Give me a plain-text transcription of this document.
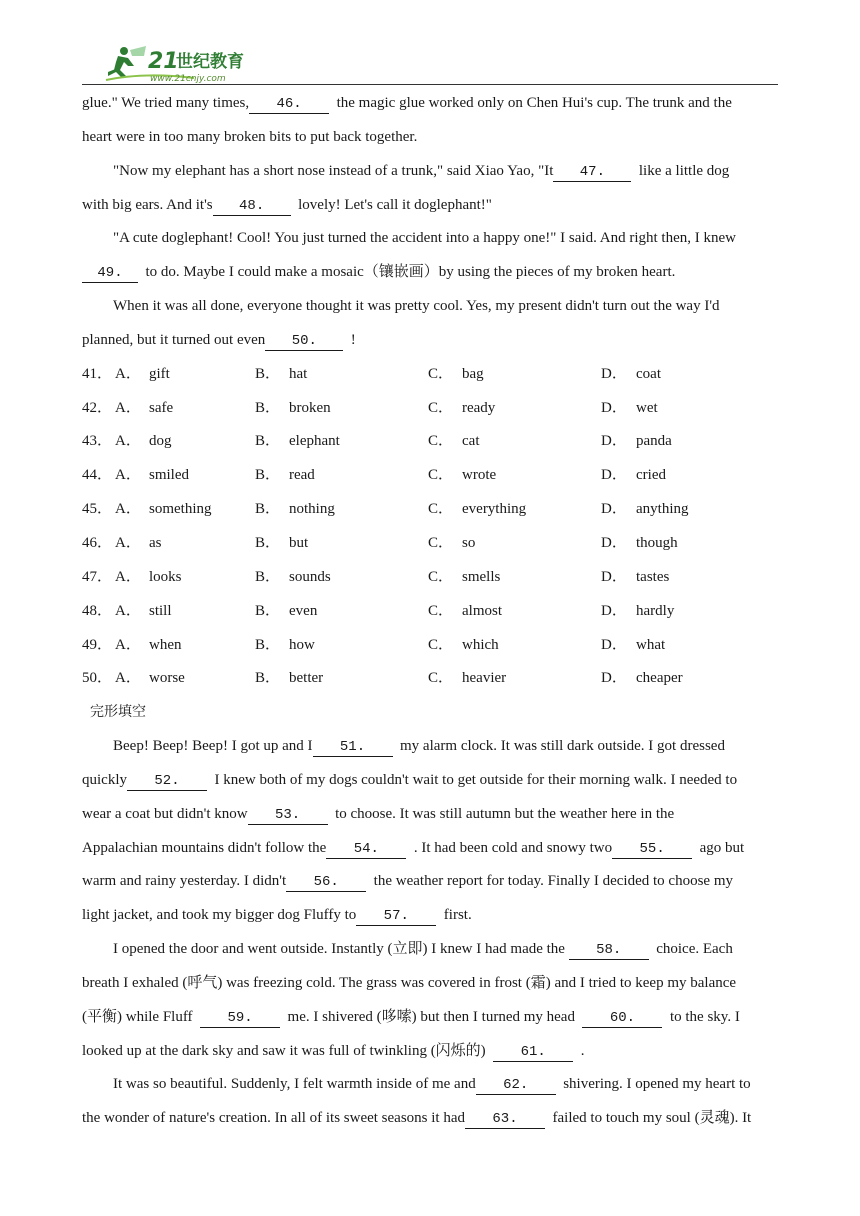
21
世纪教育
www.21cnjy.com
glue." We tried many times, 46. the magic glue worked only on Chen Hui's cup. The trunk and the
heart were in too many broken bits to put back together.
"Now my elephant has a short nose instead of a trunk," said Xiao Yao, "It 47. like a little dog
with big ears. And it's 48. lovely! Let's call it doglephant!"
"A cute doglephant! Cool! You just turned the accident into a happy one!" I said. And right then, I knew
49. to do. Maybe I could make a mosaic（镶嵌画）by using the pieces of my broken heart.
When it was all done, everyone thought it was pretty cool. Yes, my present didn't turn out the way I'd
planned, but it turned out even 50. !
41． A． gift	B． hat	C． bag	D． coat
42． A． safe	B． broken	C． ready	D． wet
43． A． dog	B． elephant	C． cat	D． panda
44． A． smiled	B． read	C． wrote	D． cried
45． A． something	B． nothing	C． everything	D． anything
46． A． as	B． but	C． so	D． though
47． A． looks	B． sounds	C． smells	D． tastes
48． A． still	B． even	C． almost	D． hardly
49． A． when	B． how	C． which	D． what
50． A． worse	B． better	C． heavier	D． cheaper
完形填空
Beep! Beep! Beep! I got up and I 51. my alarm clock. It was still dark outside. I got dressed
quickly 52. I knew both of my dogs couldn't wait to get outside for their morning walk. I needed to
wear a coat but didn't know 53. to choose. It was still autumn but the weather here in the
Appalachian mountains didn't follow the 54. . It had been cold and snowy two 55. ago but
warm and rainy yesterday. I didn't 56. the weather report for today. Finally I decided to choose my
light jacket, and took my bigger dog Fluffy to 57. first.
I opened the door and went outside. Instantly (立即) I knew I had made the 58. choice. Each
breath I exhaled (呼气) was freezing cold. The grass was covered in frost (霜) and I tried to keep my balance
(平衡) while Fluff 59. me. I shivered (哆嗦) but then I turned my head 60. to the sky. I
looked up at the dark sky and saw it was full of twinkling (闪烁的) 61. .
It was so beautiful. Suddenly, I felt warmth inside of me and 62. shivering. I opened my heart to
the wonder of nature's creation. In all of its sweet seasons it had 63. failed to touch my soul (灵魂). It
